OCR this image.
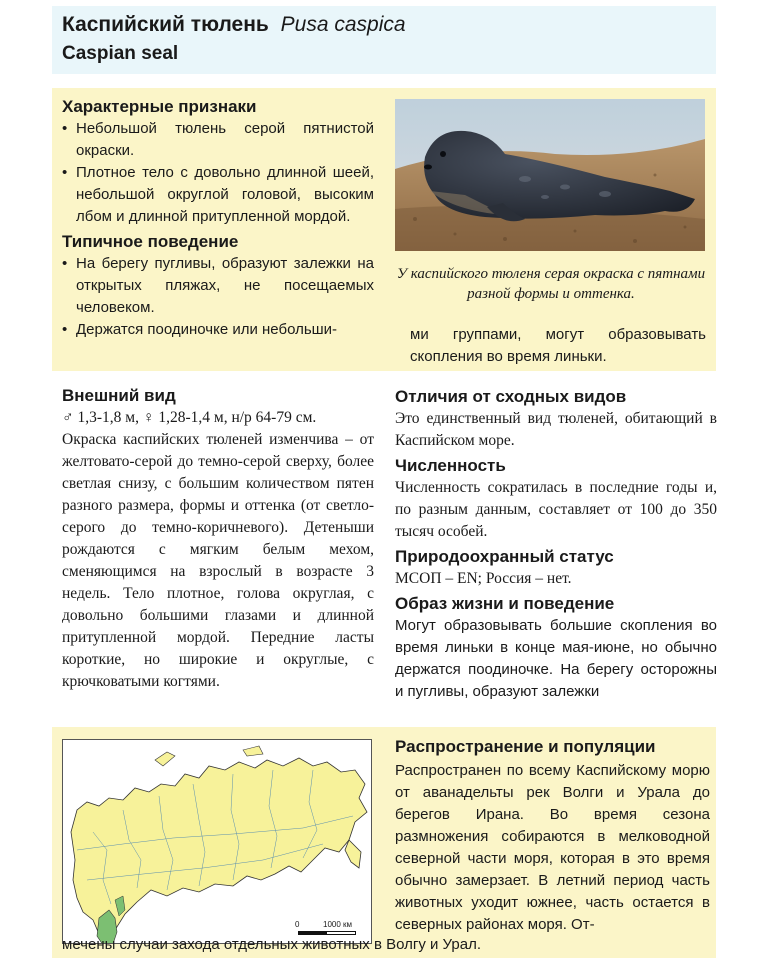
Каспийский тюлень Pusa caspica
Caspian seal
Характерные признаки
• Небольшой тюлень серой пятнистой окраски.
• Плотное тело с довольно длинной шеей, небольшой округлой головой, высоким лбом и длинной притупленной мордой.
Типичное поведение
• На берегу пугливы, образуют залежки на открытых пляжах, не посещаемых человеком.
• Держатся поодиночке или небольши-
У каспийского тюленя серая окраска с пятнами разной формы и оттенка.
ми группами, могут образовывать скопления во время линьки.
Внешний вид
♂ 1,3-1,8 м, ♀ 1,28-1,4 м, н/р 64-79 см.
Окраска каспийских тюленей изменчива – от желтовато-серой до темно-серой сверху, более светлая снизу, с большим количеством пятен разного размера, формы и оттенка (от светло-серого до темно-коричневого). Детеныши рождаются с мягким белым мехом, сменяющимся на взрослый в возрасте 3 недель. Тело плотное, голова округлая, с довольно большими глазами и длинной притупленной мордой. Передние ласты короткие, но широкие и округлые, с крючковатыми когтями.
Отличия от сходных видов
Это единственный вид тюленей, обитающий в Каспийском море.
Численность
Численность сократилась в последние годы и, по разным данным, составляет от 100 до 350 тысяч особей.
Природоохранный статус
МСОП – EN; Россия – нет.
Образ жизни и поведение
Могут образовывать большие скопления во время линьки в конце мая-июне, но обычно держатся поодиночке. На берегу осторожны и пугливы, образуют залежки
0	1000 км
Распространение и популяции
Распространен по всему Каспийскому морю от аванадельты рек Волги и Урала до берегов Ирана. Во время сезона размножения собираются в мелководной северной части моря, которая в это время обычно замерзает. В летний период часть животных уходит южнее, часть остается в северных районах моря. От-
мечены случаи захода отдельных животных в Волгу и Урал.
